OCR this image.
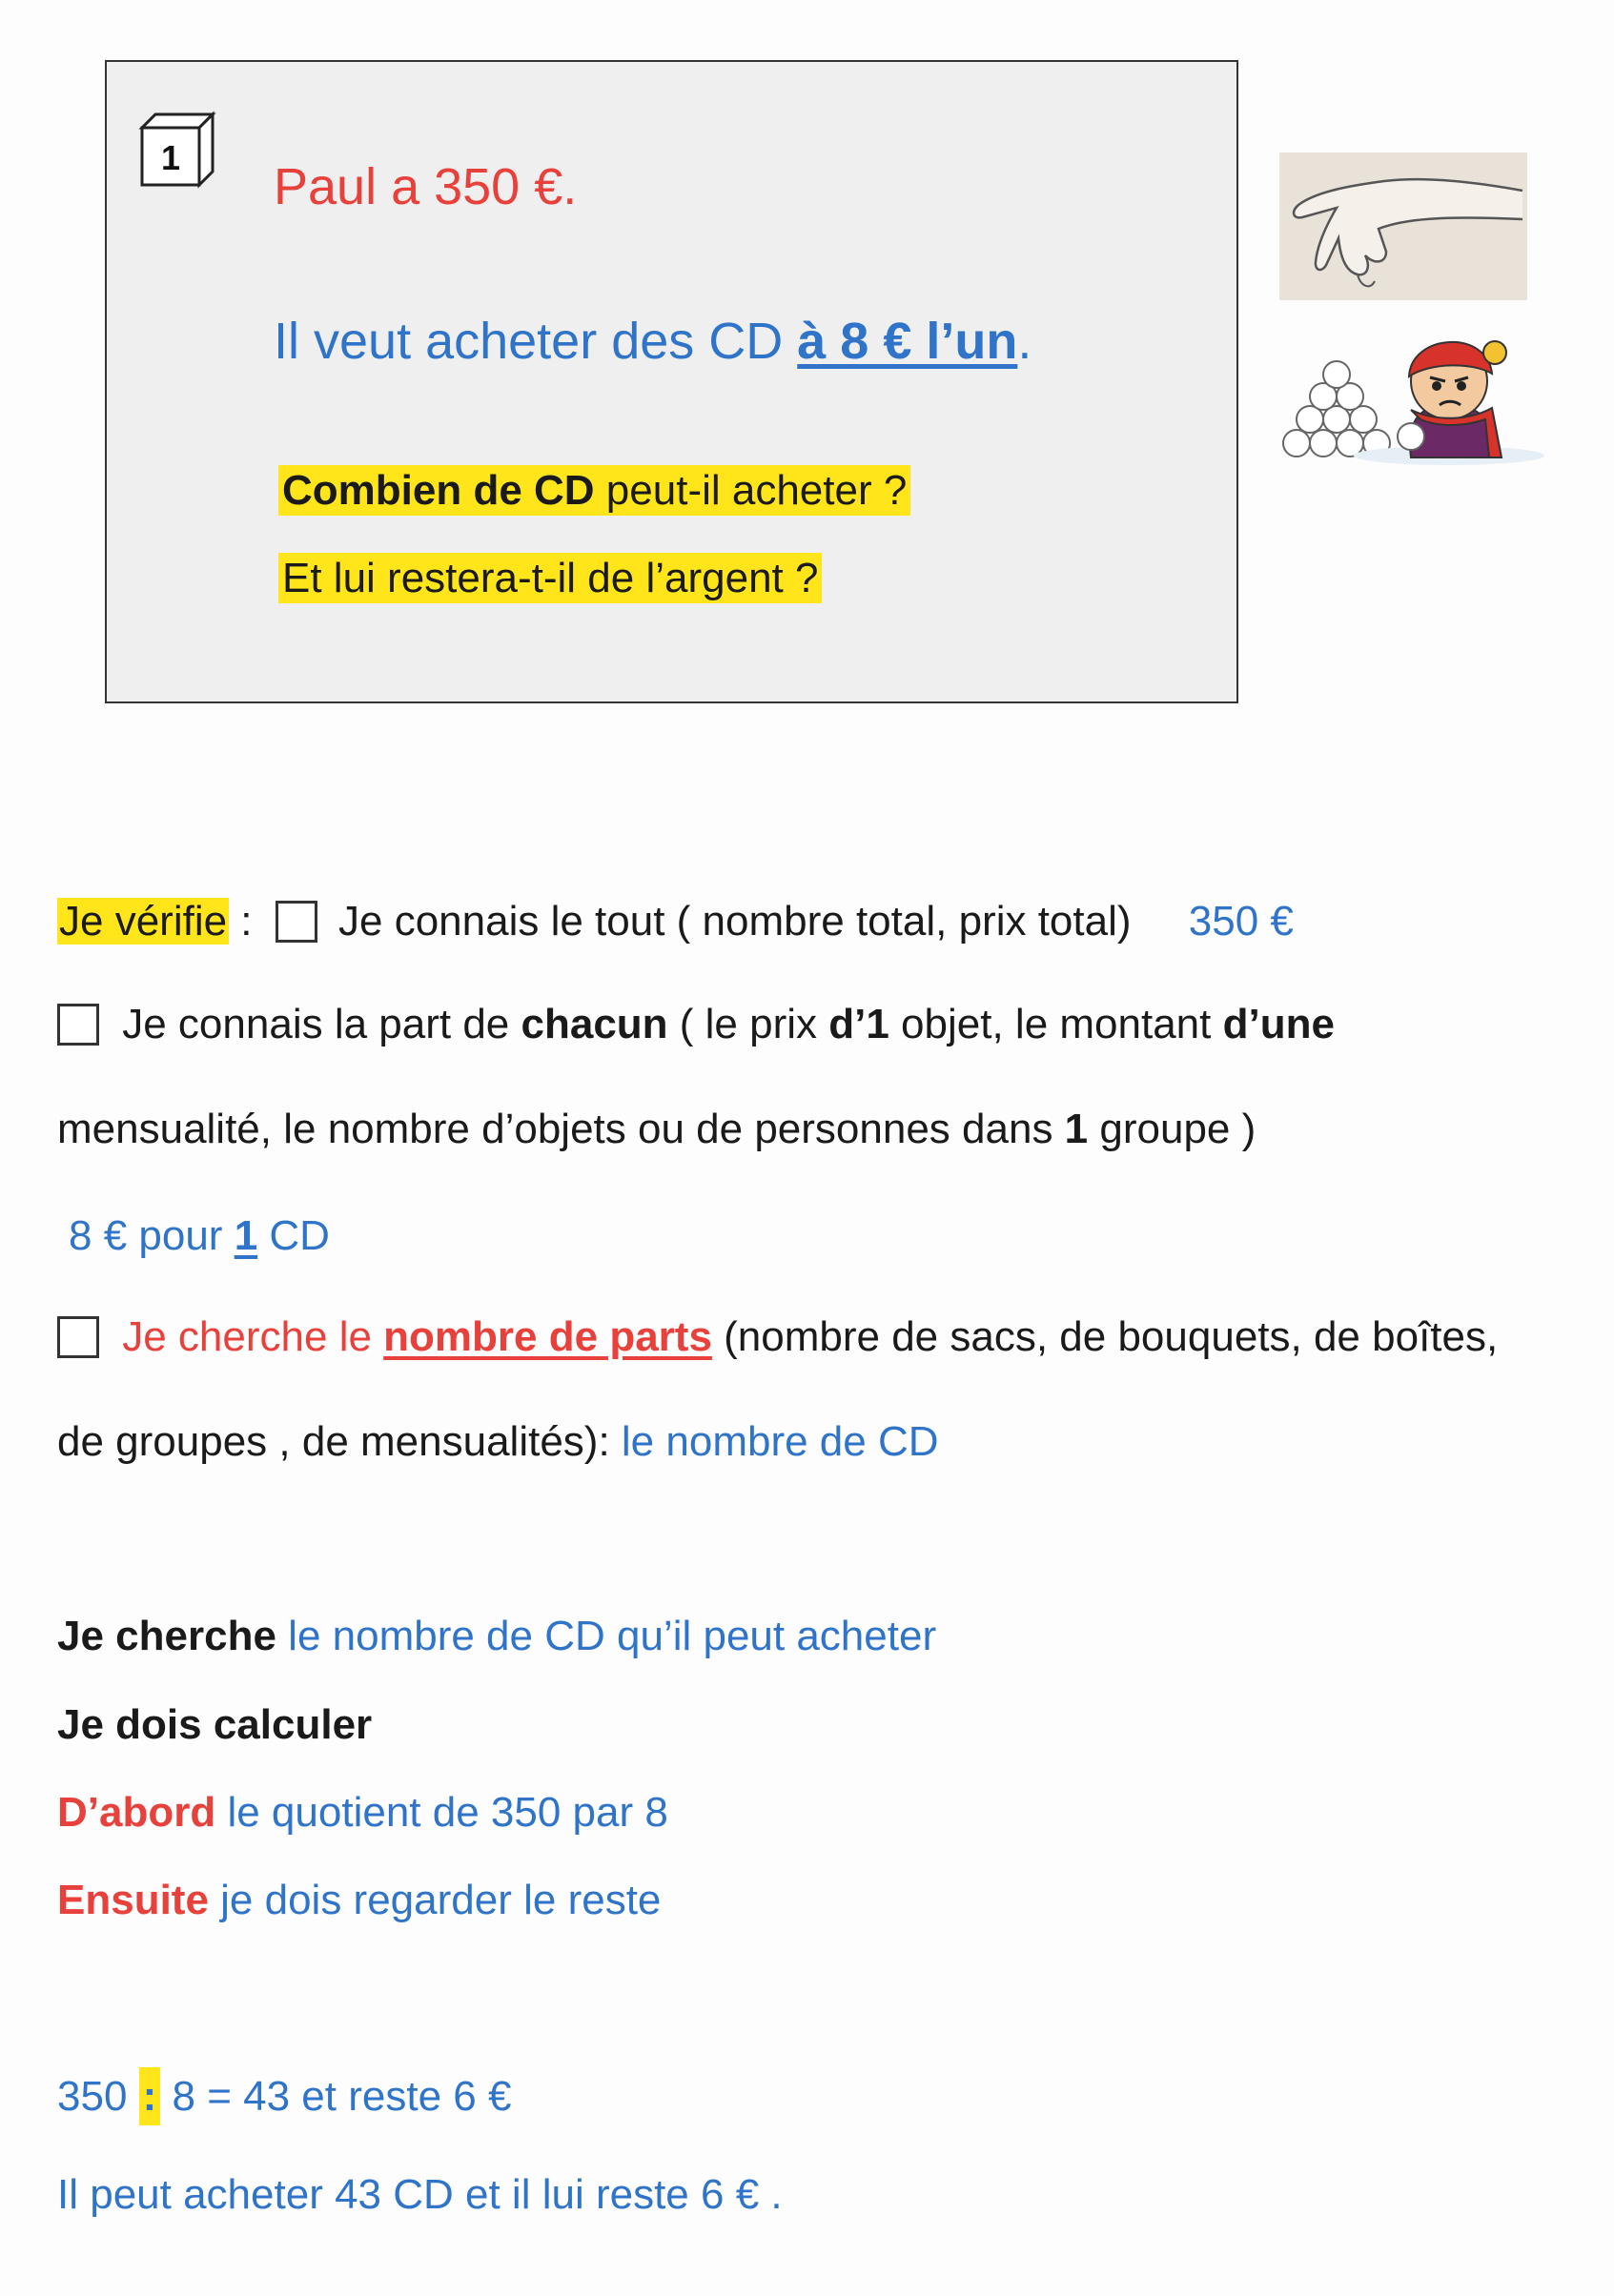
1
Paul a 350 €.
Il veut acheter des CD à 8 € l’un.
Combien de CD peut-il acheter ?
Et lui restera-t-il de l’argent ?
Je vérifie : Je connais le tout ( nombre total, prix total) 350 €
Je connais la part de chacun ( le prix d’1 objet, le montant d’une
mensualité, le nombre d’objets ou de personnes dans 1 groupe )
8 € pour 1 CD
Je cherche le nombre de parts (nombre de sacs, de bouquets, de boîtes,
de groupes , de mensualités): le nombre de CD
Je cherche le nombre de CD qu’il peut acheter
Je dois calculer
D’abord le quotient de 350 par 8
Ensuite je dois regarder le reste
350 : 8 = 43 et reste 6 €
Il peut acheter 43 CD et il lui reste 6 € .
